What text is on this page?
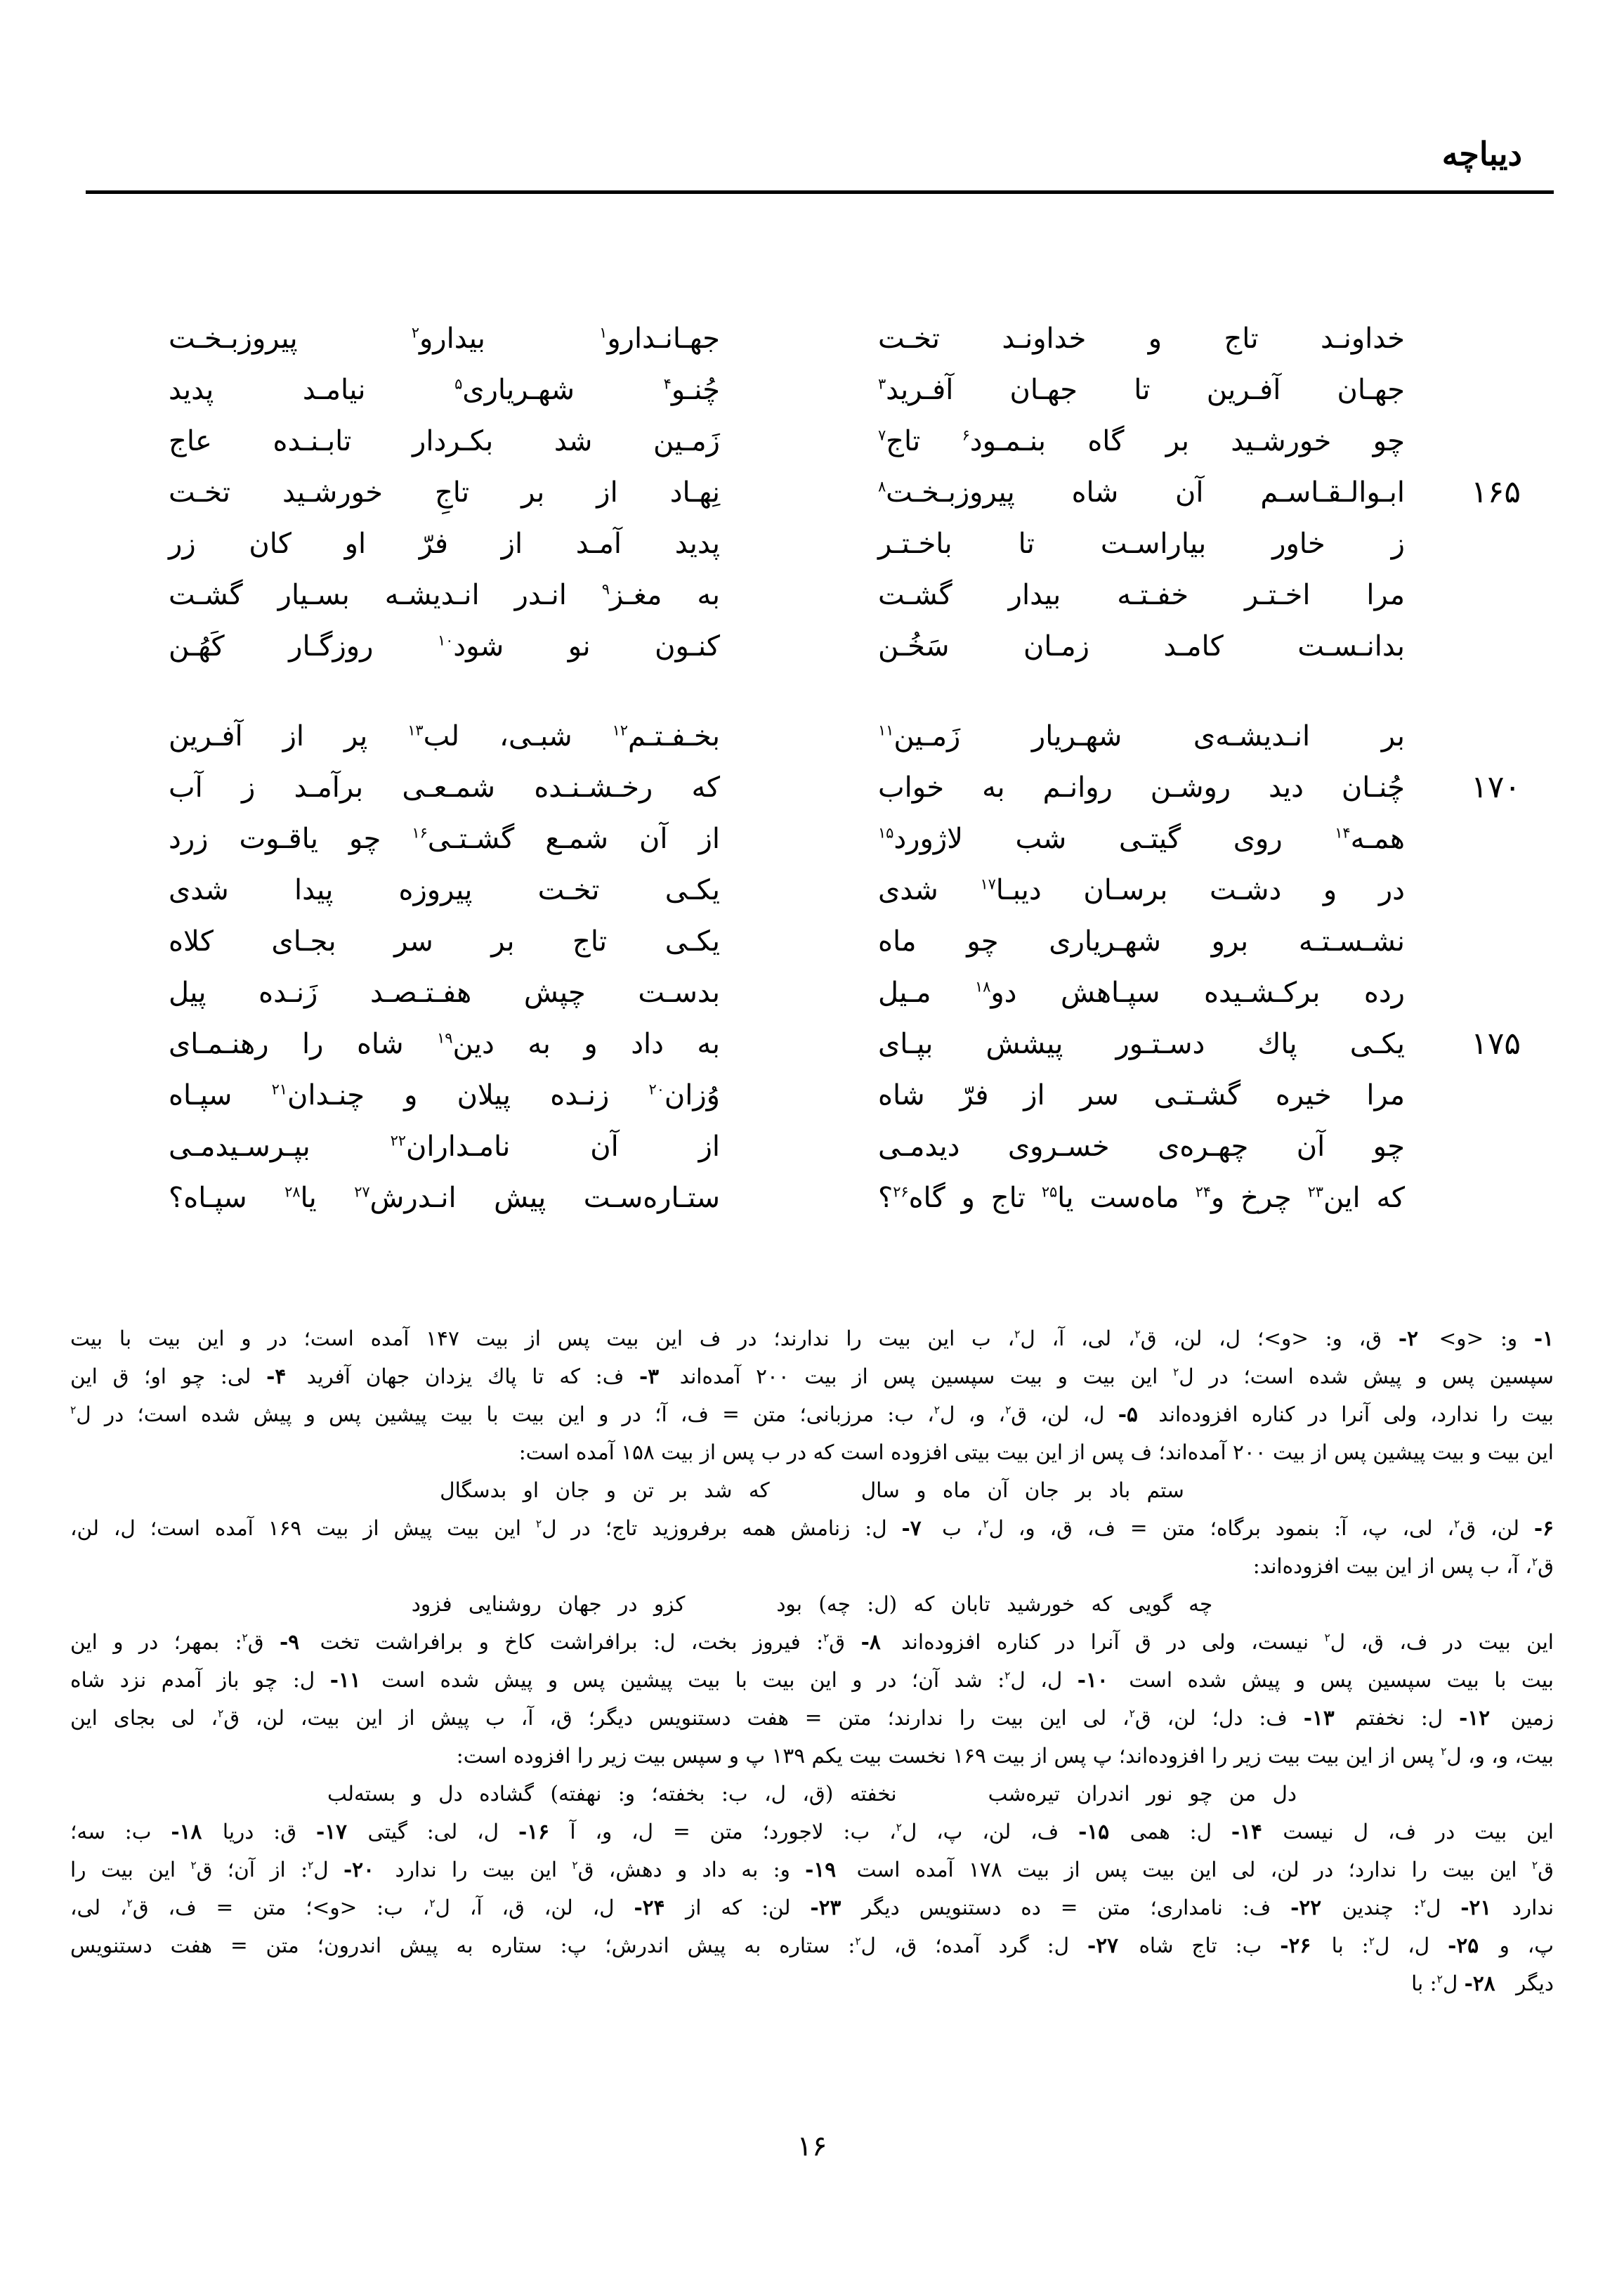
دیباچه
خداونـد تاج و خداونـد تخـت
جهـانـدارو$^۱$ بیدارو$^۲$ پیروزبـخـت
جهـان آفـرین تا جهـان آفـرید$^۳$
چُنـو$^۴$ شهـریاری$^۵$ نیامـد پدید
چو خورشـید بر گاه بنـمـود$^۶$ تاج$^۷$
زَمـین شد بکـردار تابـنـده عاج
۱۶۵
ابـوالـقـاسـم آن شاه پیروزبـخـت$^۸$
نِهـاد از بر تاجِ خورشـید تخـت
ز خاور بیاراسـت تا باخـتـر
پدید آمـد از فرّ او کان زر
مرا اخـتـر خفـتـه بیدار گشـت
به مغـز$^۹$ انـدر انـدیشـه بسـیار گشـت
بدانـسـت کامـد زمـان سَخُـن
کنـون نو شود$^{۱۰}$ روزگـار کَهُـن
بر انـدیشـه‌ی شهـریار زَمـین$^{۱۱}$
بخـفـتـم$^{۱۲}$ شبـی، لب$^{۱۳}$ پر از آفـرین
۱۷۰
چُنـان دید روشـن روانـم به خواب
که رخـشـنـده شمـعـی برآمـد ز آب
همـه$^{۱۴}$ روی گیتـی شب لاژورد$^{۱۵}$
از آن شمـع گشـتـی$^{۱۶}$ چو یاقـوت زرد
در و دشـت برسـان دیبـا$^{۱۷}$ شدی
یکـی تخـت پیروزه پیدا شدی
نشـسـتـه برو شهـریاری چو ماه
یکـی تاج بر سر بجـای کلاه
رده برکـشـیده سپـاهش دو$^{۱۸}$ مـیل
بدسـت چپش هفـتـصـد زَنـده پیل
۱۷۵
یکـی پاك دسـتـور پیشش بپـای
به داد و به دین$^{۱۹}$ شاه را رهنـمـای
مرا خیره گشـتـی سر از فرّ شاه
وُزان$^{۲۰}$ زنـده پیلان و چنـدان$^{۲۱}$ سپـاه
چو آن چهـره‌ی خسـروی دیدمـی
از آن نامـداران$^{۲۲}$ بپـرسـیدمـی
که این$^{۲۳}$ چرخ و$^{۲۴}$ ماه‌ست یا$^{۲۵}$ تاج و گاه$^{۲۶}$؟
ستـاره‌سـت پیش انـدرش$^{۲۷}$ یا$^{۲۸}$ سپـاه؟
۱- و: <و> ۲- ق، و: <و>؛ ل، لن، ق$^۲$، لی، آ، ل$^۲$، ب این بیت را ندارند؛ در ف این بیت پس از بیت ۱۴۷ آمده است؛ در و این بیت با بیت
سپسین پس و پیش شده است؛ در ل$^۲$ این بیت و بیت سپسین پس از بیت ۲۰۰ آمده‌اند ۳- ف: که تا پاك یزدان جهان آفرید ۴- لی: چو او؛ ق این
بیت را ندارد، ولی آنرا در کناره افزوده‌اند ۵- ل، لن، ق$^۲$، و، ل$^۲$، ب: مرزبانی؛ متن = ف، آ؛ در و این بیت با بیت پیشین پس و پیش شده است؛ در ل$^۲$
این بیت و بیت پیشین پس از بیت ۲۰۰ آمده‌اند؛ ف پس از این بیت بیتی افزوده است که در ب پس از بیت ۱۵۸ آمده است:
ستم باد بر جان آن ماه و سال
که شد بر تن و جان او بدسگال
۶- لن، ق$^۲$، لی، پ، آ: بنمود برگاه؛ متن = ف، ق، و، ل$^۲$، ب ۷- ل: زنامش همه برفروزید تاج؛ در ل$^۲$ این بیت پیش از بیت ۱۶۹ آمده است؛ ل، لن،
ق$^۲$، آ، ب پس از این بیت افزوده‌اند:
چه گویی که خورشید تابان که (ل: چه) بود
کزو در جهان روشنایی فزود
این بیت در ف، ق، ل$^۲$ نیست، ولی در ق آنرا در کناره افزوده‌اند ۸- ق$^۲$: فیروز بخت، ل: برافراشت کاخ و برافراشت تخت ۹- ق$^۲$: بمهر؛ در و این
بیت با بیت سپسین پس و پیش شده است ۱۰- ل، ل$^۲$: شد آن؛ در و این بیت با بیت پیشین پس و پیش شده است ۱۱- ل: چو باز آمدم نزد شاه
زمین ۱۲- ل: نخفتم ۱۳- ف: دل؛ لن، ق$^۲$، لی این بیت را ندارند؛ متن = هفت دستنویس دیگر؛ ق، آ، ب پیش از این بیت، لن، ق$^۲$، لی بجای این
بیت، و، و، ل$^۲$ پس از این بیت بیت زیر را افزوده‌اند؛ پ پس از بیت ۱۶۹ نخست بیت یکم ۱۳۹ پ و سپس بیت زیر را افزوده است:
دل من چو نور اندران تیره‌شب
نخفته (ق، ل، ب: بخفته؛ و: نهفته) گشاده دل و بسته‌لب
این بیت در ف، ل نیست ۱۴- ل: همی ۱۵- ف، لن، پ، ل$^۲$، ب: لاجورد؛ متن = ل، و، آ ۱۶- ل، لی: گیتی ۱۷- ق: دریا ۱۸- ب: سه؛
ق$^۲$ این بیت را ندارد؛ در لن، لی این بیت پس از بیت ۱۷۸ آمده است ۱۹- و: به داد و دهش، ق$^۲$ این بیت را ندارد ۲۰- ل$^۲$: از آن؛ ق$^۲$ این بیت را
ندارد ۲۱- ل$^۲$: چندین ۲۲- ف: نامداری؛ متن = ده دستنویس دیگر ۲۳- لن: که از ۲۴- ل، لن، ق، آ، ل$^۲$، ب: <و>؛ متن = ف، ق$^۲$، لی،
پ، و ۲۵- ل، ل$^۲$: با ۲۶- ب: تاج شاه ۲۷- ل: گرد آمده؛ ق، ل$^۲$: ستاره به پیش اندرش؛ پ: ستاره به پیش اندرون؛ متن = هفت دستنویس
دیگر ۲۸- ل$^۲$: با
۱۶
